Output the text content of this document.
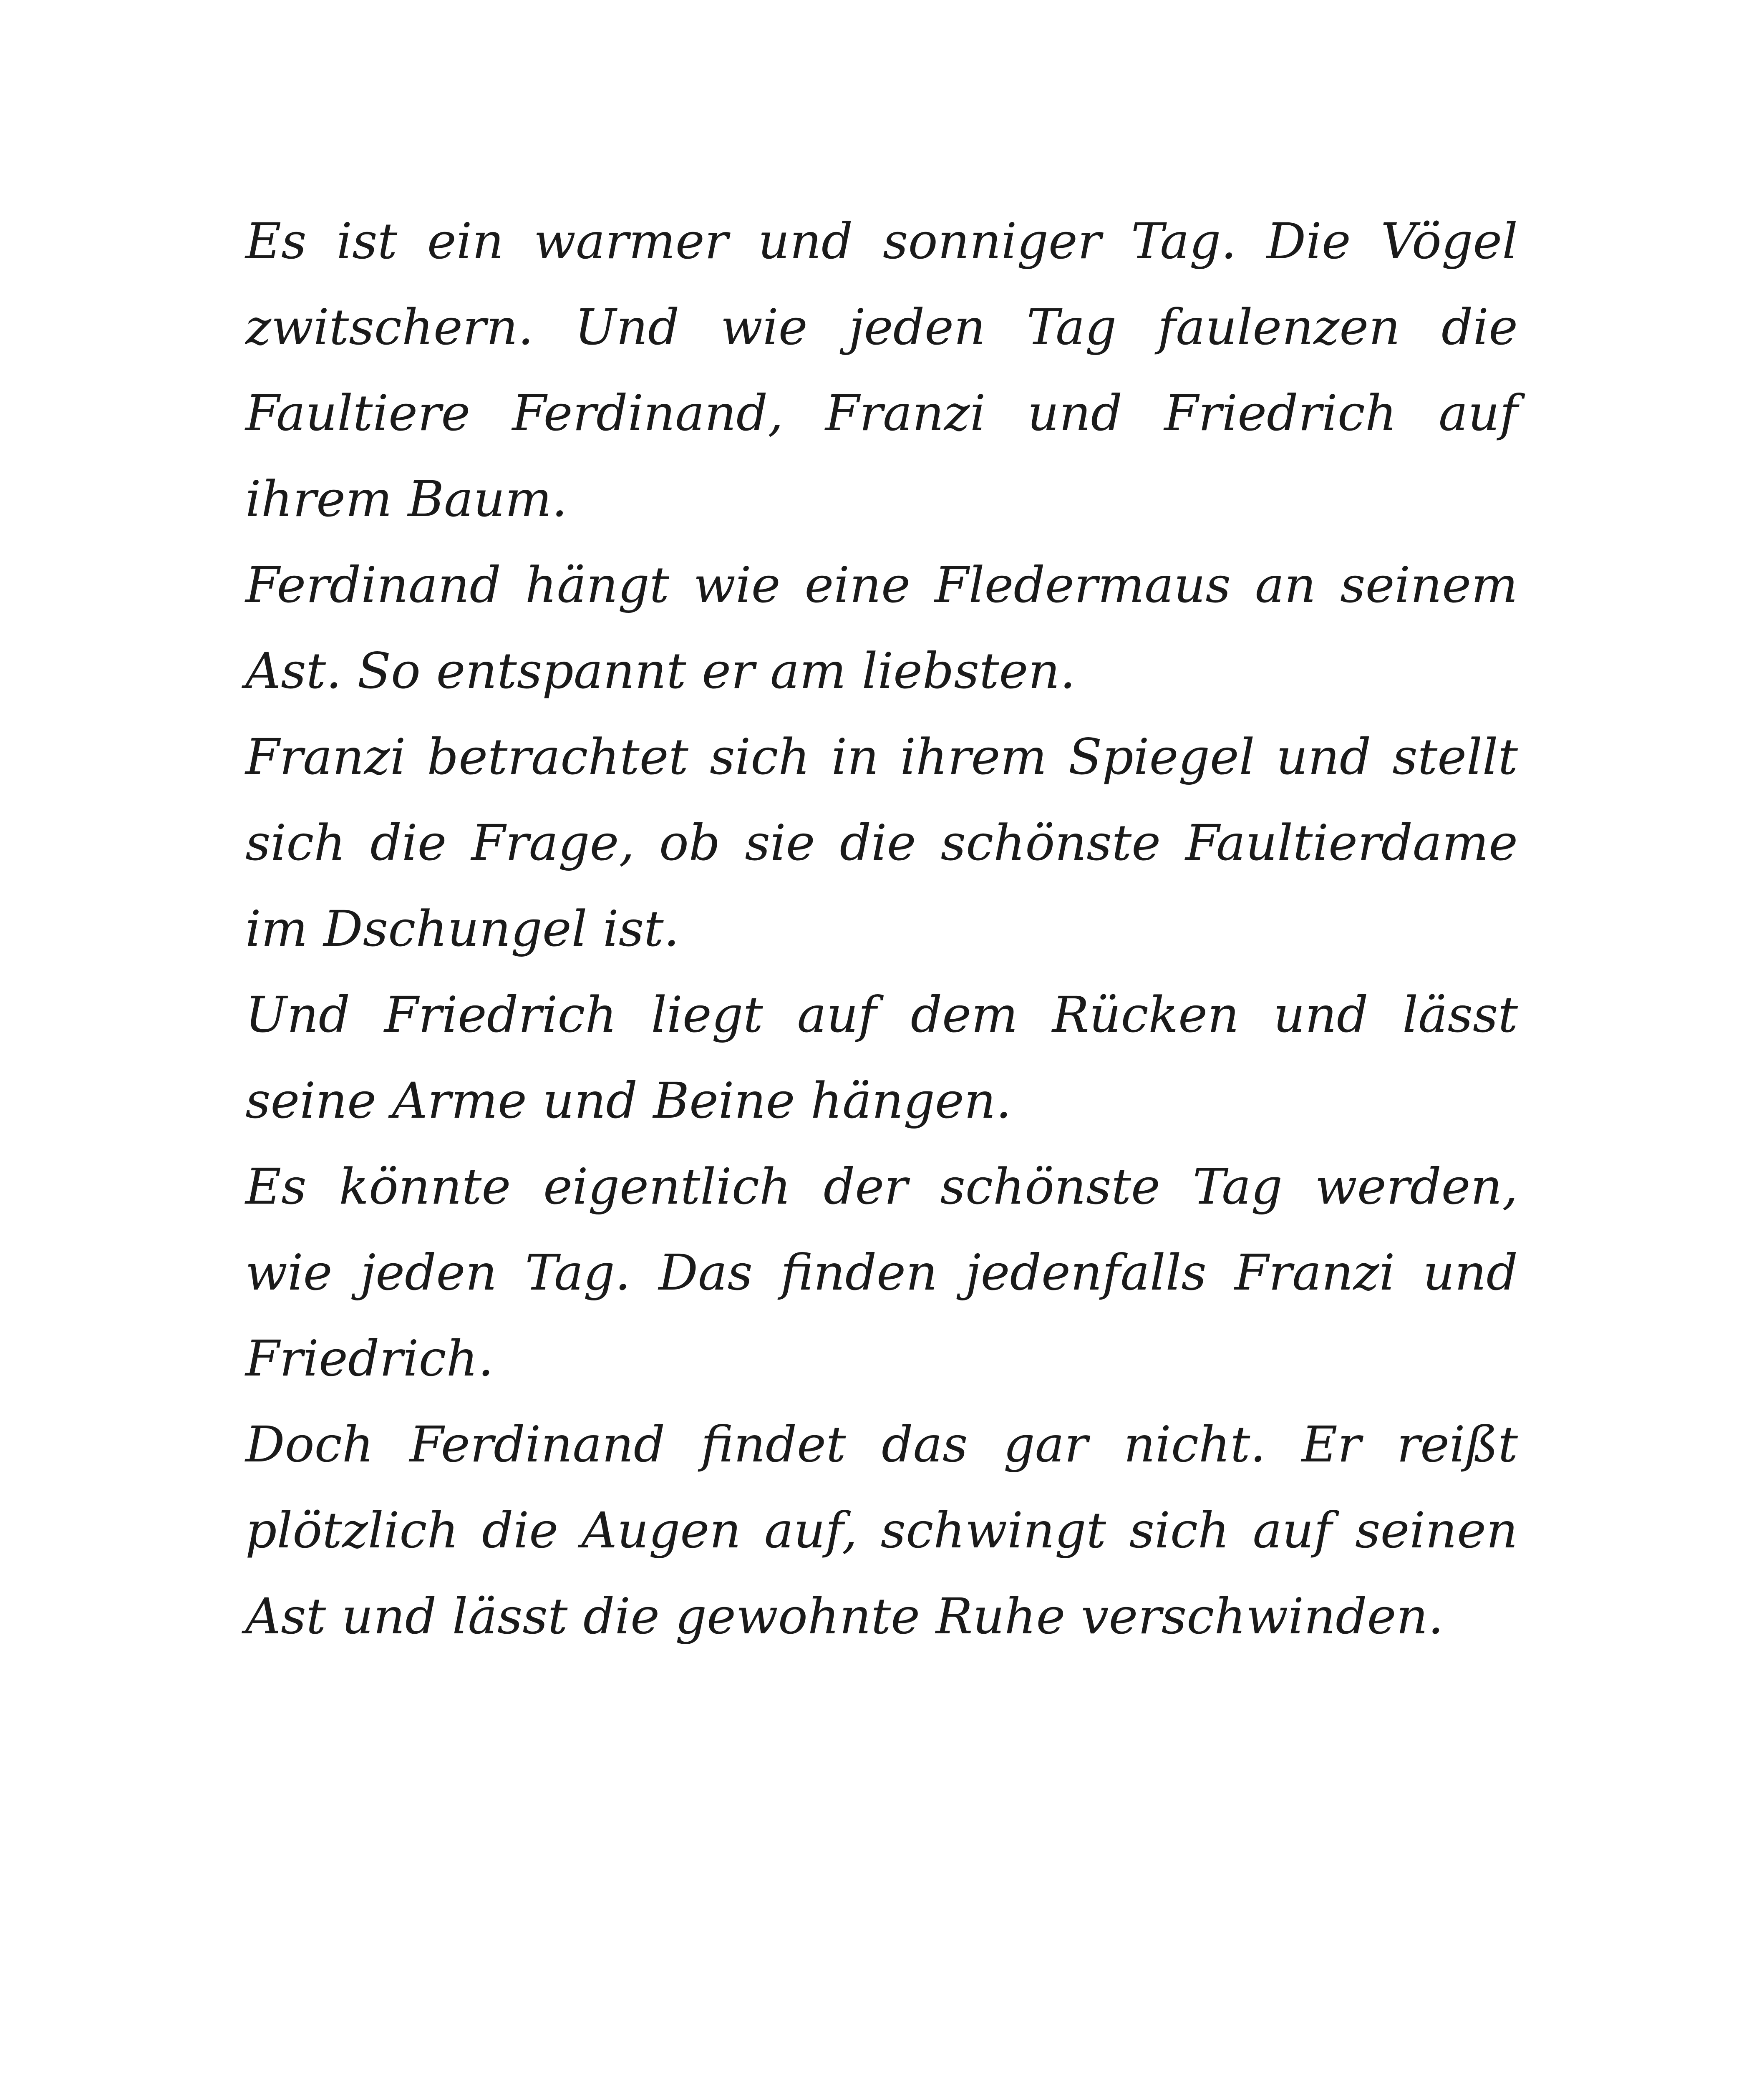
Es ist ein warmer und sonniger Tag. Die Vögel zwitschern. Und wie jeden Tag faulenzen die Faultiere Ferdinand, Franzi und Friedrich auf ihrem Baum.

Ferdinand hängt wie eine Fledermaus an seinem Ast. So entspannt er am liebsten.

Franzi betrachtet sich in ihrem Spiegel und stellt sich die Frage, ob sie die schönste Faultierdame im Dschungel ist.

Und Friedrich liegt auf dem Rücken und lässt seine Arme und Beine hängen.

Es könnte eigentlich der schönste Tag werden, wie jeden Tag. Das finden jedenfalls Franzi und Friedrich.

Doch Ferdinand findet das gar nicht. Er reißt plötzlich die Augen auf, schwingt sich auf seinen Ast und lässt die gewohnte Ruhe verschwinden.
